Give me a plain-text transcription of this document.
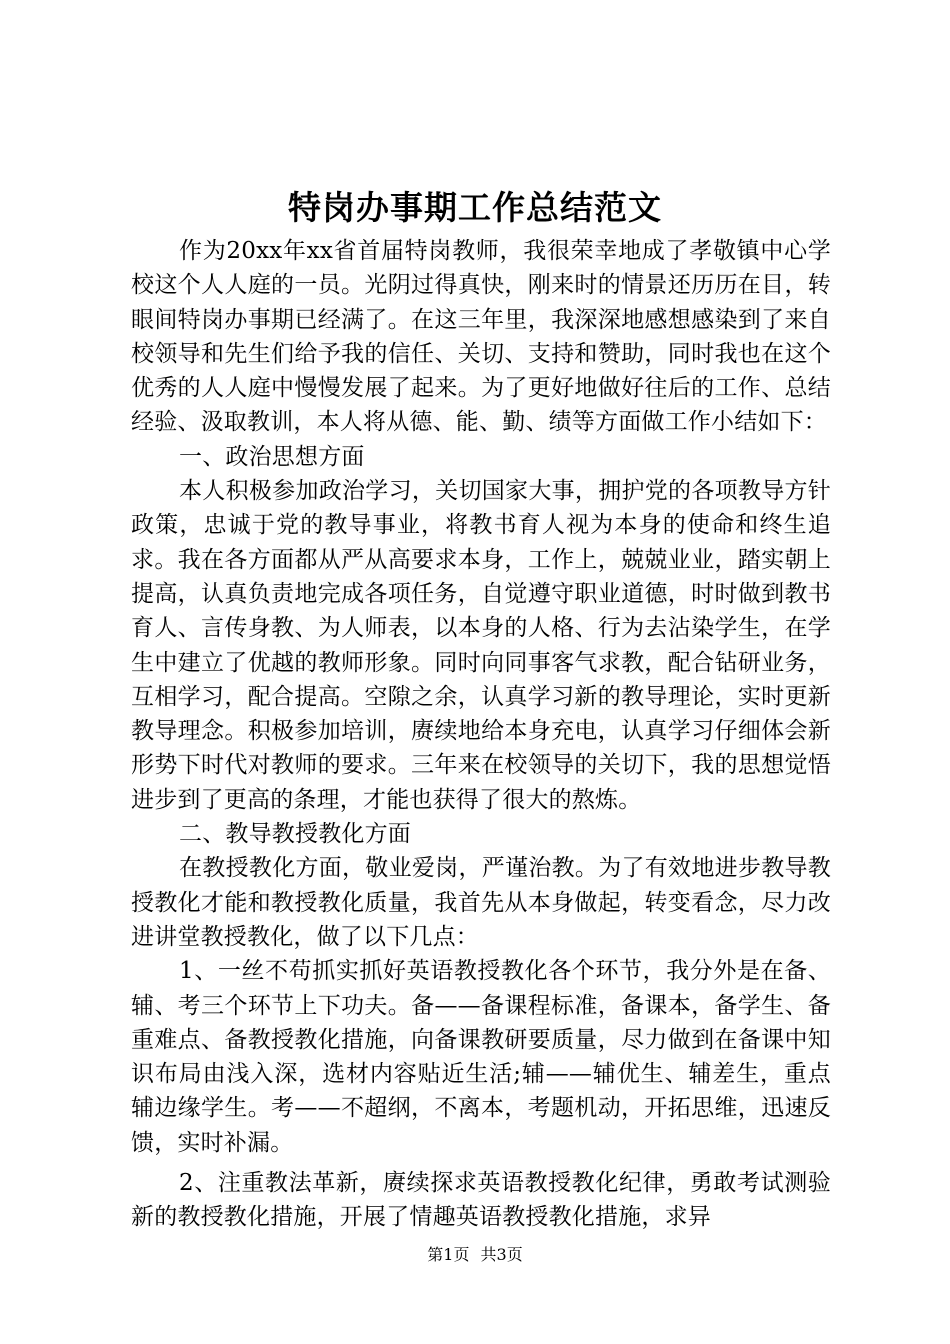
特岗办事期工作总结范文

作为20xx年xx省首届特岗教师，我很荣幸地成了孝敬镇中心学校这个人人庭的一员。光阴过得真快，刚来时的情景还历历在目，转眼间特岗办事期已经满了。在这三年里，我深深地感想感染到了来自校领导和先生们给予我的信任、关切、支持和赞助，同时我也在这个优秀的人人庭中慢慢发展了起来。为了更好地做好往后的工作、总结经验、汲取教训，本人将从德、能、勤、绩等方面做工作小结如下：

一、政治思想方面

本人积极参加政治学习，关切国家大事，拥护党的各项教导方针政策，忠诚于党的教导事业，将教书育人视为本身的使命和终生追求。我在各方面都从严从高要求本身，工作上，兢兢业业，踏实朝上提高，认真负责地完成各项任务，自觉遵守职业道德，时时做到教书育人、言传身教、为人师表，以本身的人格、行为去沾染学生，在学生中建立了优越的教师形象。同时向同事客气求教，配合钻研业务，互相学习，配合提高。空隙之余，认真学习新的教导理论，实时更新教导理念。积极参加培训，赓续地给本身充电，认真学习仔细体会新形势下时代对教师的要求。三年来在校领导的关切下，我的思想觉悟进步到了更高的条理，才能也获得了很大的熬炼。

二、教导教授教化方面

在教授教化方面，敬业爱岗，严谨治教。为了有效地进步教导教授教化才能和教授教化质量，我首先从本身做起，转变看念，尽力改进讲堂教授教化，做了以下几点：

1、一丝不苟抓实抓好英语教授教化各个环节，我分外是在备、辅、考三个环节上下功夫。备——备课程标准，备课本，备学生、备重难点、备教授教化措施，向备课教研要质量，尽力做到在备课中知识布局由浅入深，选材内容贴近生活;辅——辅优生、辅差生，重点辅边缘学生。考——不超纲，不离本，考题机动，开拓思维，迅速反馈，实时补漏。

2、注重教法革新，赓续探求英语教授教化纪律，勇敢考试测验新的教授教化措施，开展了情趣英语教授教化措施，求异

第1页 共3页
